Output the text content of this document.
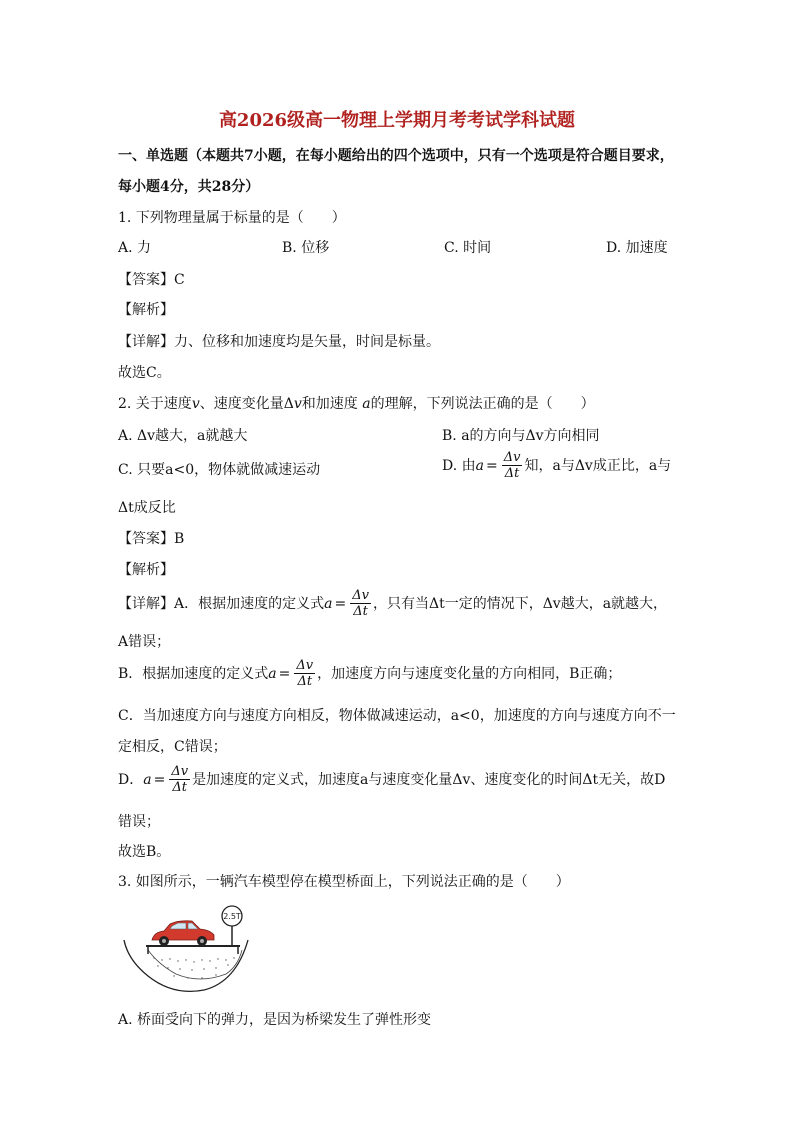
高2026级高一物理上学期月考考试学科试题
一、单选题（本题共7小题，在每小题给出的四个选项中，只有一个选项是符合题目要求，
每小题4分，共28分）
1. 下列物理量属于标量的是（　　）
A. 力	B. 位移	C. 时间	D. 加速度
【答案】C
【解析】
【详解】力、位移和加速度均是矢量，时间是标量。
故选C。
2. 关于速度v、速度变化量Δv和加速度 a的理解，下列说法正确的是（　　）
A. Δv越大，a就越大	B. a的方向与Δv方向相同
C. 只要a<0，物体就做减速运动	D. 由 $a = \frac{\Delta v}{\Delta t}$ 知，a与Δv成正比，a与
Δt成反比
【答案】B
【解析】
【详解】A．根据加速度的定义式 $a = \frac{\Delta v}{\Delta t}$ ，只有当Δt一定的情况下，Δv越大，a就越大，
A错误；
B．根据加速度的定义式 $a = \frac{\Delta v}{\Delta t}$ ，加速度方向与速度变化量的方向相同，B正确；
C．当加速度方向与速度方向相反，物体做减速运动，a<0，加速度的方向与速度方向不一
定相反，C错误；
D． $a = \frac{\Delta v}{\Delta t}$ 是加速度的定义式，加速度a与速度变化量Δv、速度变化的时间Δt无关，故D
错误；
故选B。
3. 如图所示，一辆汽车模型停在模型桥面上，下列说法正确的是（　　）
2.5T
A. 桥面受向下的弹力，是因为桥梁发生了弹性形变
